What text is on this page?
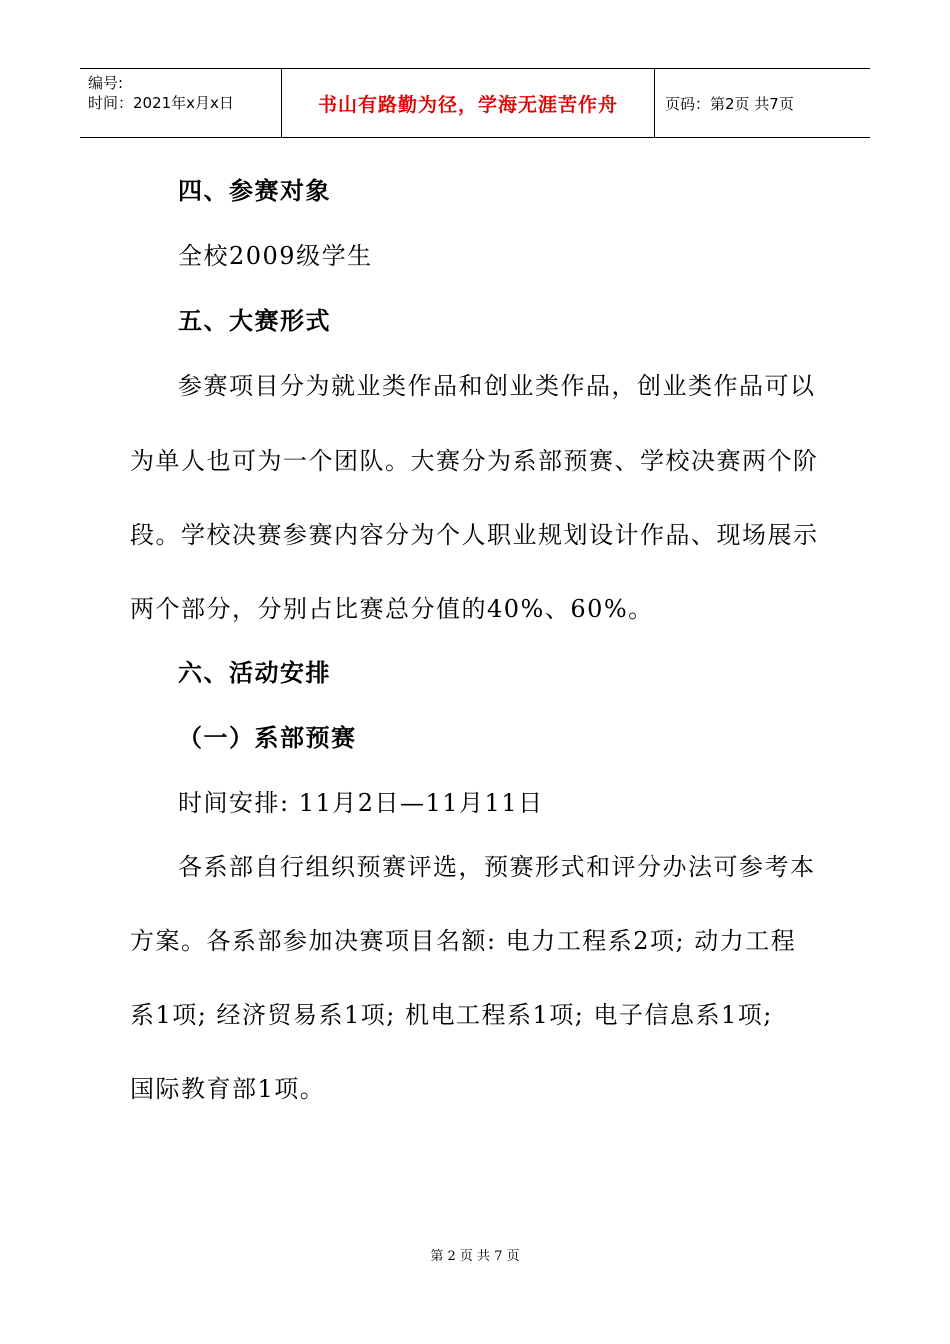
编号:
时间：2021年x月x日	书山有路勤为径，学海无涯苦作舟	页码：第2页 共7页
四、参赛对象
全校2009级学生
五、大赛形式
参赛项目分为就业类作品和创业类作品，创业类作品可以
为单人也可为一个团队。大赛分为系部预赛、学校决赛两个阶
段。学校决赛参赛内容分为个人职业规划设计作品、现场展示
两个部分，分别占比赛总分值的40%、60%。
六、活动安排
（一）系部预赛
时间安排: 11月2日—11月11日
各系部自行组织预赛评选，预赛形式和评分办法可参考本
方案。各系部参加决赛项目名额: 电力工程系2项; 动力工程
系1项; 经济贸易系1项; 机电工程系1项; 电子信息系1项;
国际教育部1项。
第 2 页 共 7 页
